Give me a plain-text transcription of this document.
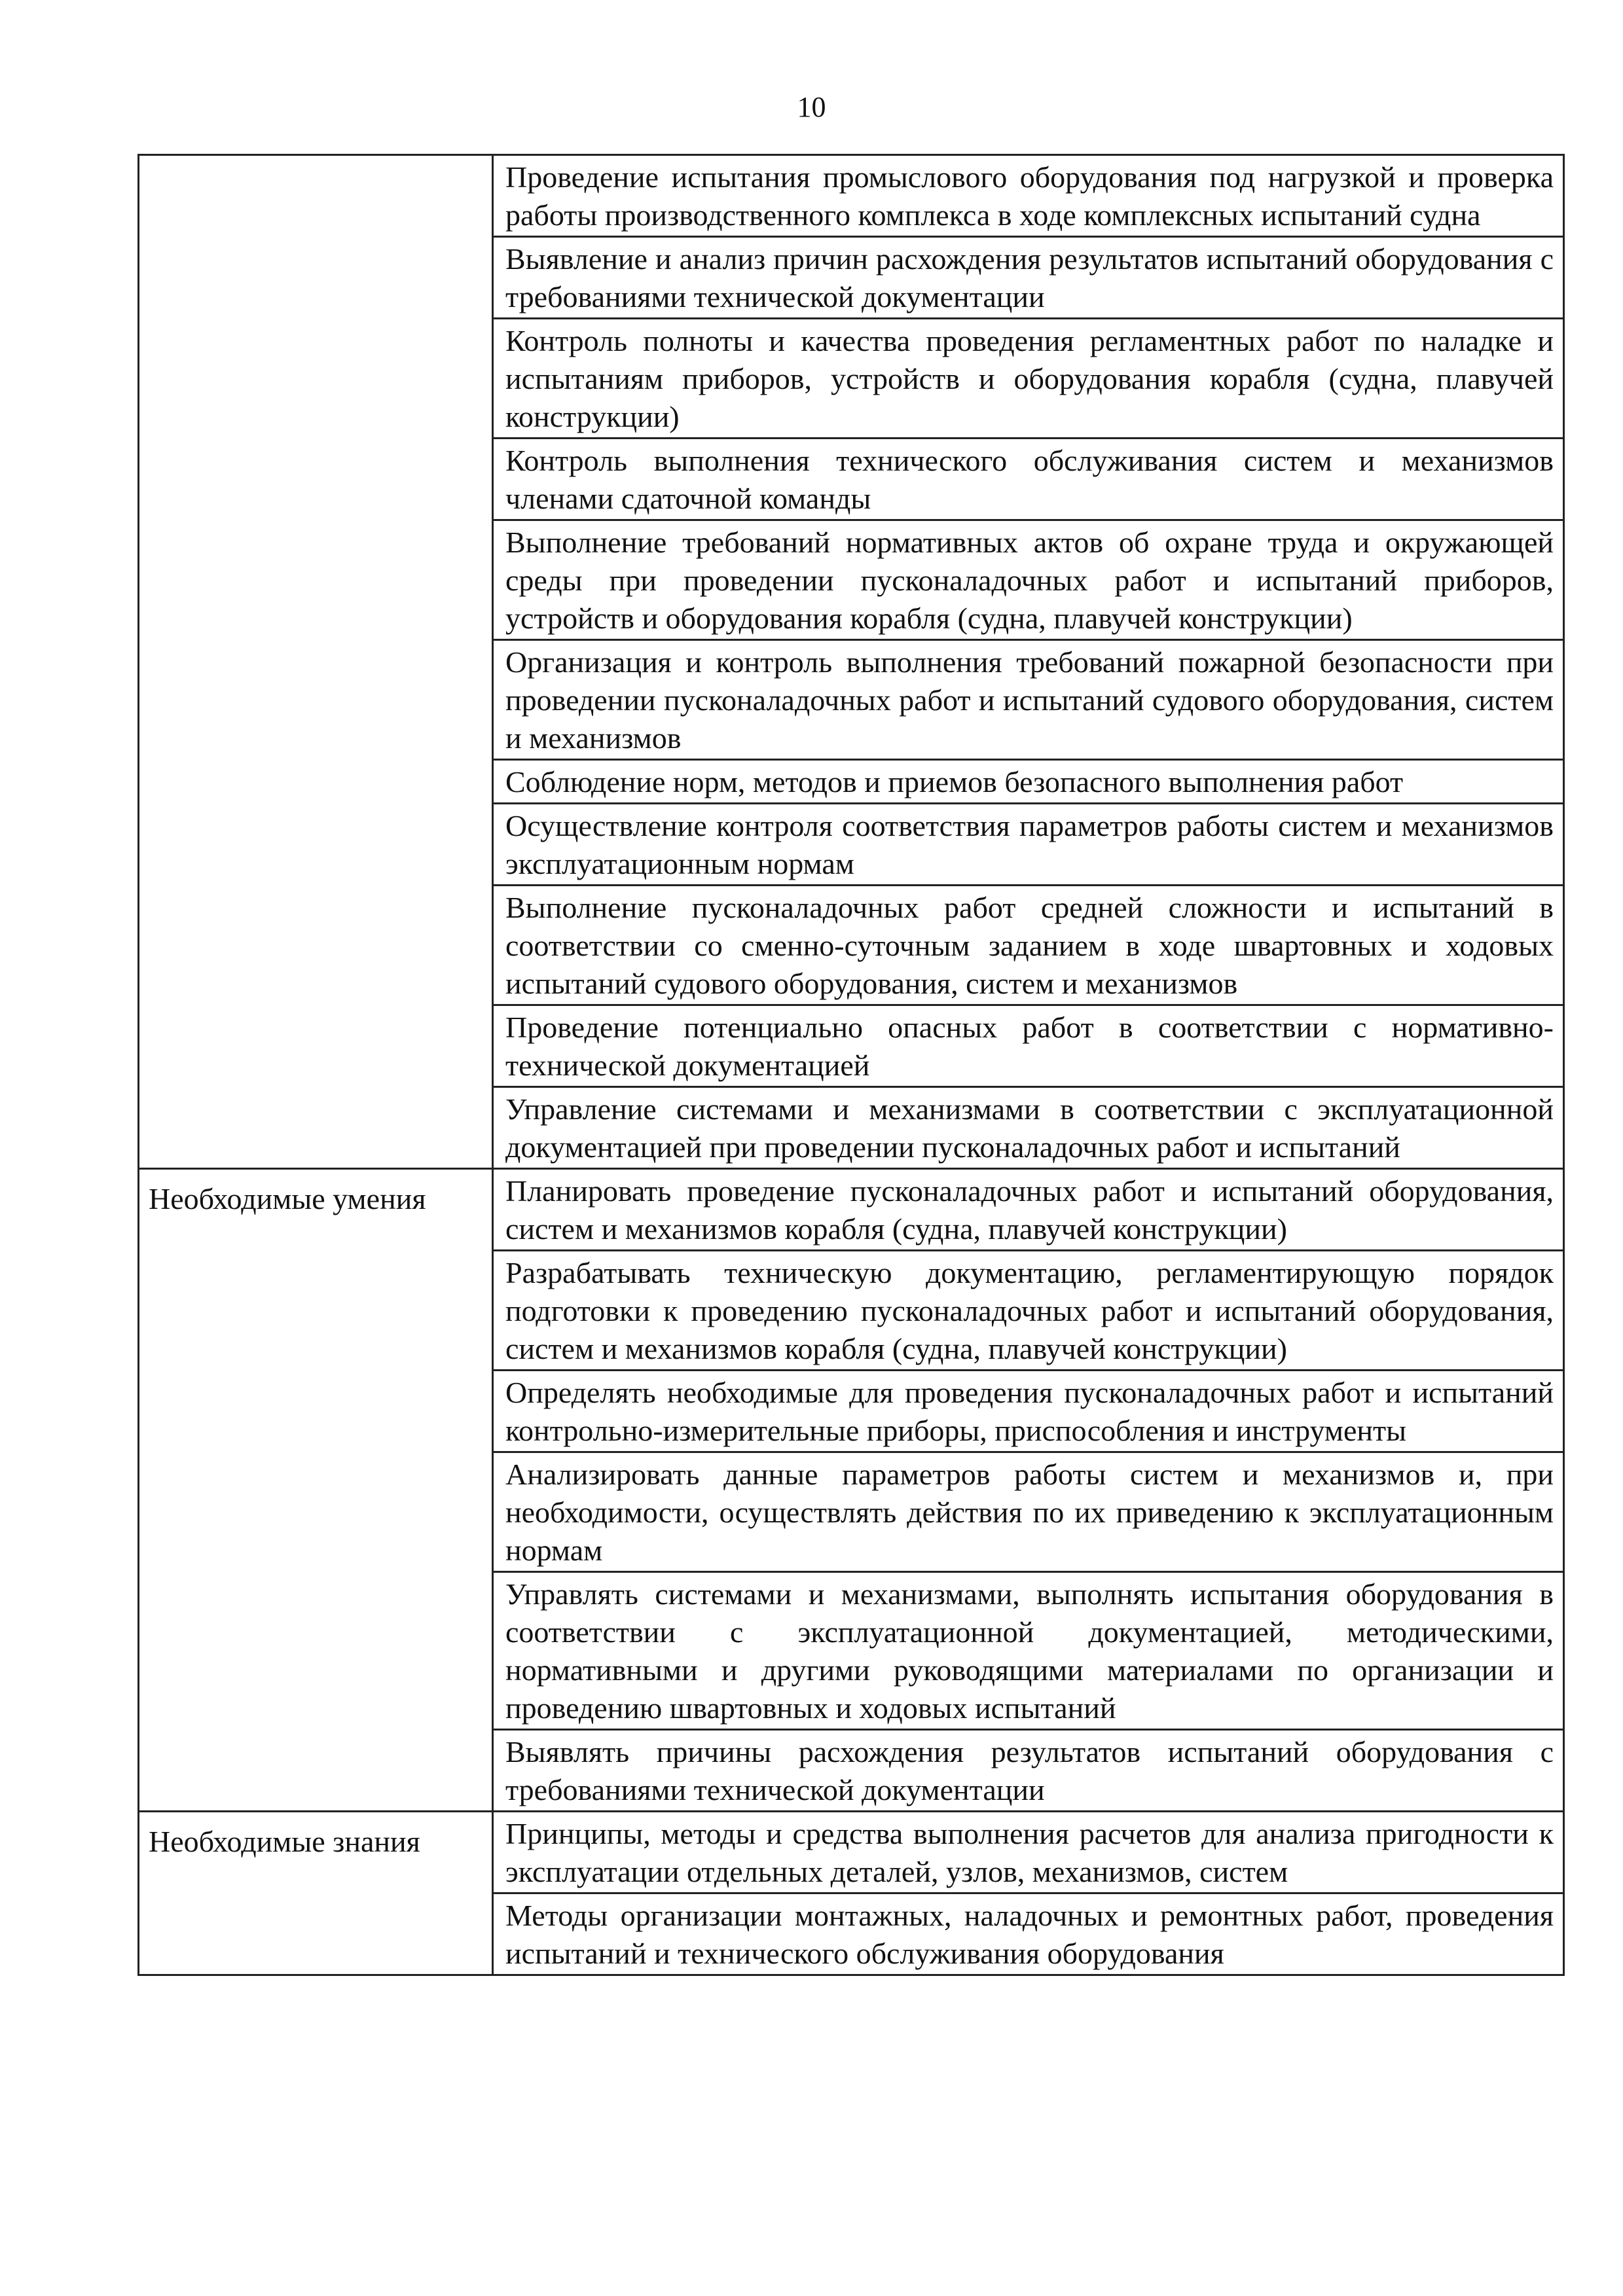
10
	Проведение испытания промыслового оборудования под нагрузкой и проверка работы производственного комплекса в ходе комплексных испытаний судна
	Выявление и анализ причин расхождения результатов испытаний оборудования с требованиями технической документации
	Контроль полноты и качества проведения регламентных работ по наладке и испытаниям приборов, устройств и оборудования корабля (судна, плавучей конструкции)
	Контроль выполнения технического обслуживания систем и механизмов членами сдаточной команды
	Выполнение требований нормативных актов об охране труда и окружающей среды при проведении пусконаладочных работ и испытаний приборов, устройств и оборудования корабля (судна, плавучей конструкции)
	Организация и контроль выполнения требований пожарной безопасности при проведении пусконаладочных работ и испытаний судового оборудования, систем и механизмов
	Соблюдение норм, методов и приемов безопасного выполнения работ
	Осуществление контроля соответствия параметров работы систем и механизмов эксплуатационным нормам
	Выполнение пусконаладочных работ средней сложности и испытаний в соответствии со сменно-суточным заданием в ходе швартовных и ходовых испытаний судового оборудования, систем и механизмов
	Проведение потенциально опасных работ в соответствии с нормативно-технической документацией
	Управление системами и механизмами в соответствии с эксплуатационной документацией при проведении пусконаладочных работ и испытаний
Необходимые умения	Планировать проведение пусконаладочных работ и испытаний оборудования, систем и механизмов корабля (судна, плавучей конструкции)
	Разрабатывать техническую документацию, регламентирующую порядок подготовки к проведению пусконаладочных работ и испытаний оборудования, систем и механизмов корабля (судна, плавучей конструкции)
	Определять необходимые для проведения пусконаладочных работ и испытаний контрольно-измерительные приборы, приспособления и инструменты
	Анализировать данные параметров работы систем и механизмов и, при необходимости, осуществлять действия по их приведению к эксплуатационным нормам
	Управлять системами и механизмами, выполнять испытания оборудования в соответствии с эксплуатационной документацией, методическими, нормативными и другими руководящими материалами по организации и проведению швартовных и ходовых испытаний
	Выявлять причины расхождения результатов испытаний оборудования с требованиями технической документации
Необходимые знания	Принципы, методы и средства выполнения расчетов для анализа пригодности к эксплуатации отдельных деталей, узлов, механизмов, систем
	Методы организации монтажных, наладочных и ремонтных работ, проведения испытаний и технического обслуживания оборудования
